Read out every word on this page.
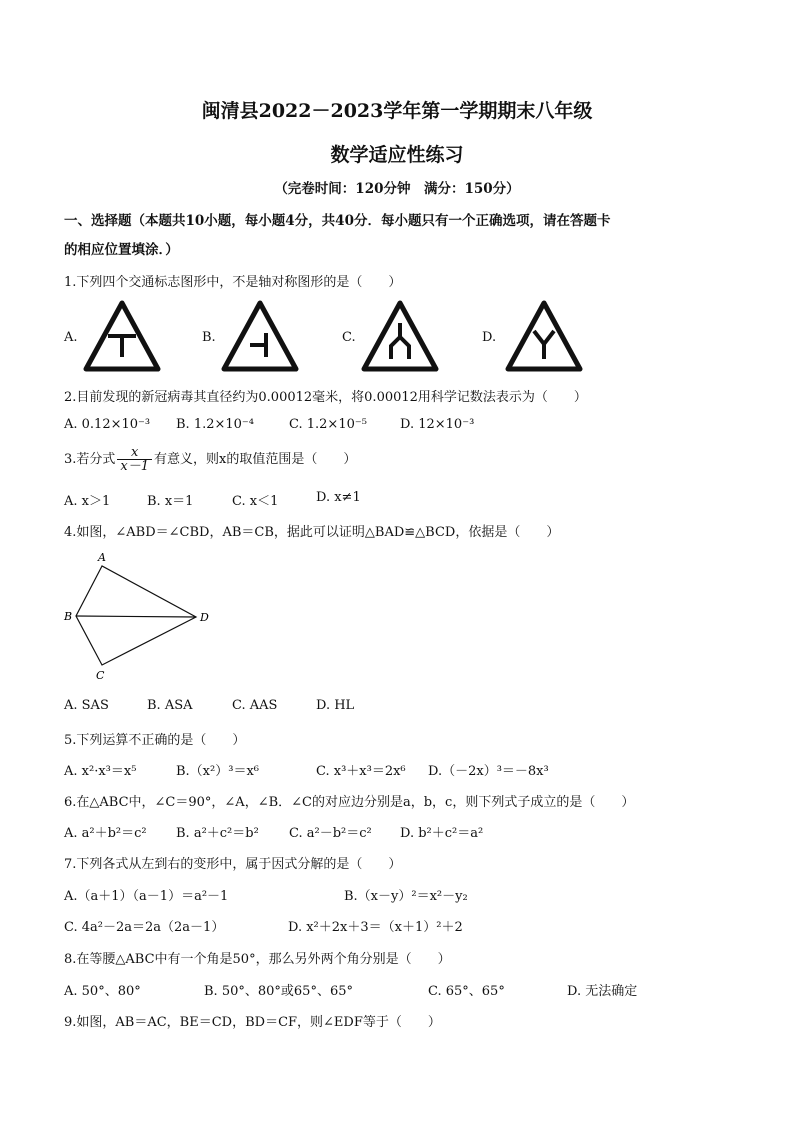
闽清县2022－2023学年第一学期期末八年级
数学适应性练习
（完卷时间：120分钟　满分：150分）
一、选择题（本题共10小题，每小题4分，共40分．每小题只有一个正确选项，请在答题卡
的相应位置填涂．）
1.下列四个交通标志图形中，不是轴对称图形的是（　　）
A.	B.	C.	D.
2.目前发现的新冠病毒其直径约为0.00012毫米，将0.00012用科学记数法表示为（　　）
A. 0.12×10⁻³ B. 1.2×10⁻⁴	C. 1.2×10⁻⁵	D. 12×10⁻³
3.若分式 $\frac{x}{x-1}$ 有意义，则x的取值范围是（　　）
A. x＞1	B. x＝1	C. x＜1	D. x≠1
4.如图，∠ABD＝∠CBD，AB＝CB，据此可以证明△BAD≌△BCD，依据是（　　）
A
B
C
D
A. SAS	B. ASA	C. AAS	D. HL
5.下列运算不正确的是（　　）
A. x²·x³＝x⁵	B.（x²）³＝x⁶	C. x³＋x³＝2x⁶ D.（－2x）³＝－8x³
6.在△ABC中，∠C＝90°，∠A，∠B．∠C的对应边分别是a，b，c，则下列式子成立的是（　　）
A. a²＋b²＝c² B. a²＋c²＝b² C. a²－b²＝c² D. b²＋c²＝a²
7.下列各式从左到右的变形中，属于因式分解的是（　　）
A.（a＋1）（a－1）＝a²－1	B.（x－y）²＝x²－y₂
C. 4a²－2a＝2a（2a－1）	D. x²＋2x＋3＝（x＋1）²＋2
8.在等腰△ABC中有一个角是50°，那么另外两个角分别是（　　）
A. 50°、80°	B. 50°、80°或65°、65°	C. 65°、65°	D. 无法确定
9.如图，AB＝AC，BE＝CD，BD＝CF，则∠EDF等于（　　）
